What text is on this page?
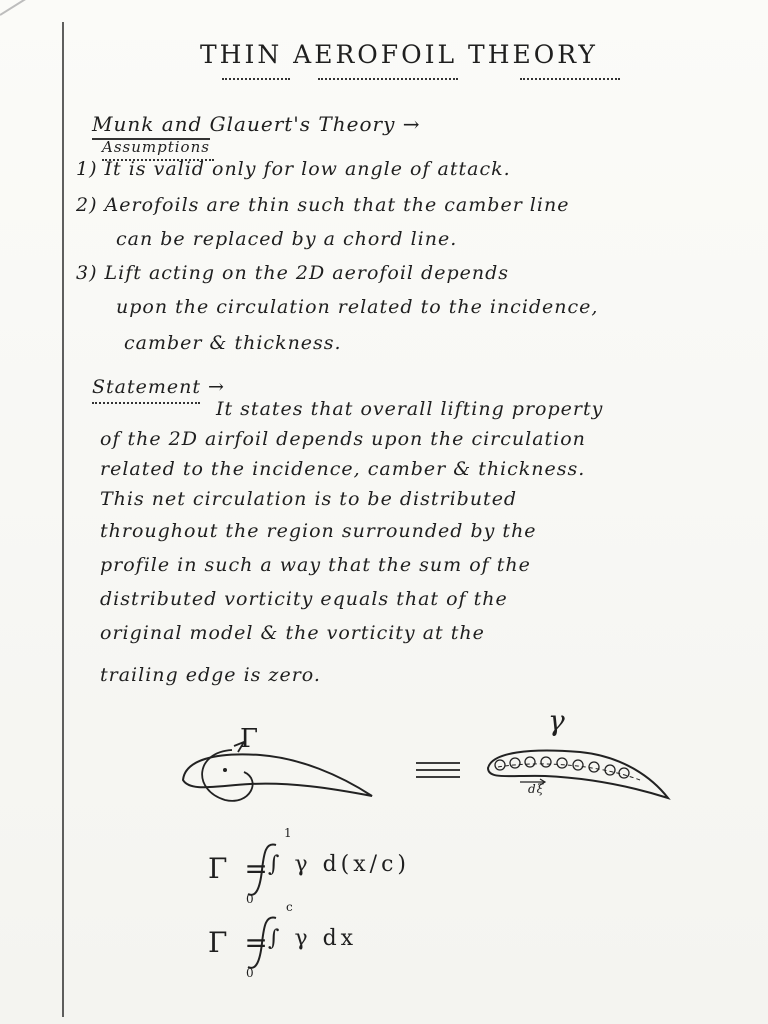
THIN AEROFOIL THEORY
Munk and Glauert's Theory →
Assumptions
1) It is valid only for low angle of attack.
2) Aerofoils are thin such that the camber line
can be replaced by a chord line.
3) Lift acting on the 2D aerofoil depends
upon the circulation related to the incidence,
camber & thickness.
Statement →
It states that overall lifting property
of the 2D airfoil depends upon the circulation
related to the incidence, camber & thickness.
This net circulation is to be distributed
throughout the region surrounded by the
profile in such a way that the sum of the
distributed vorticity equals that of the
original model & the vorticity at the
trailing edge is zero.
Γ
γ
dξ
Γ =
∫ γ d(x/c)
1
0
Γ =
∫ γ dx
c
0
